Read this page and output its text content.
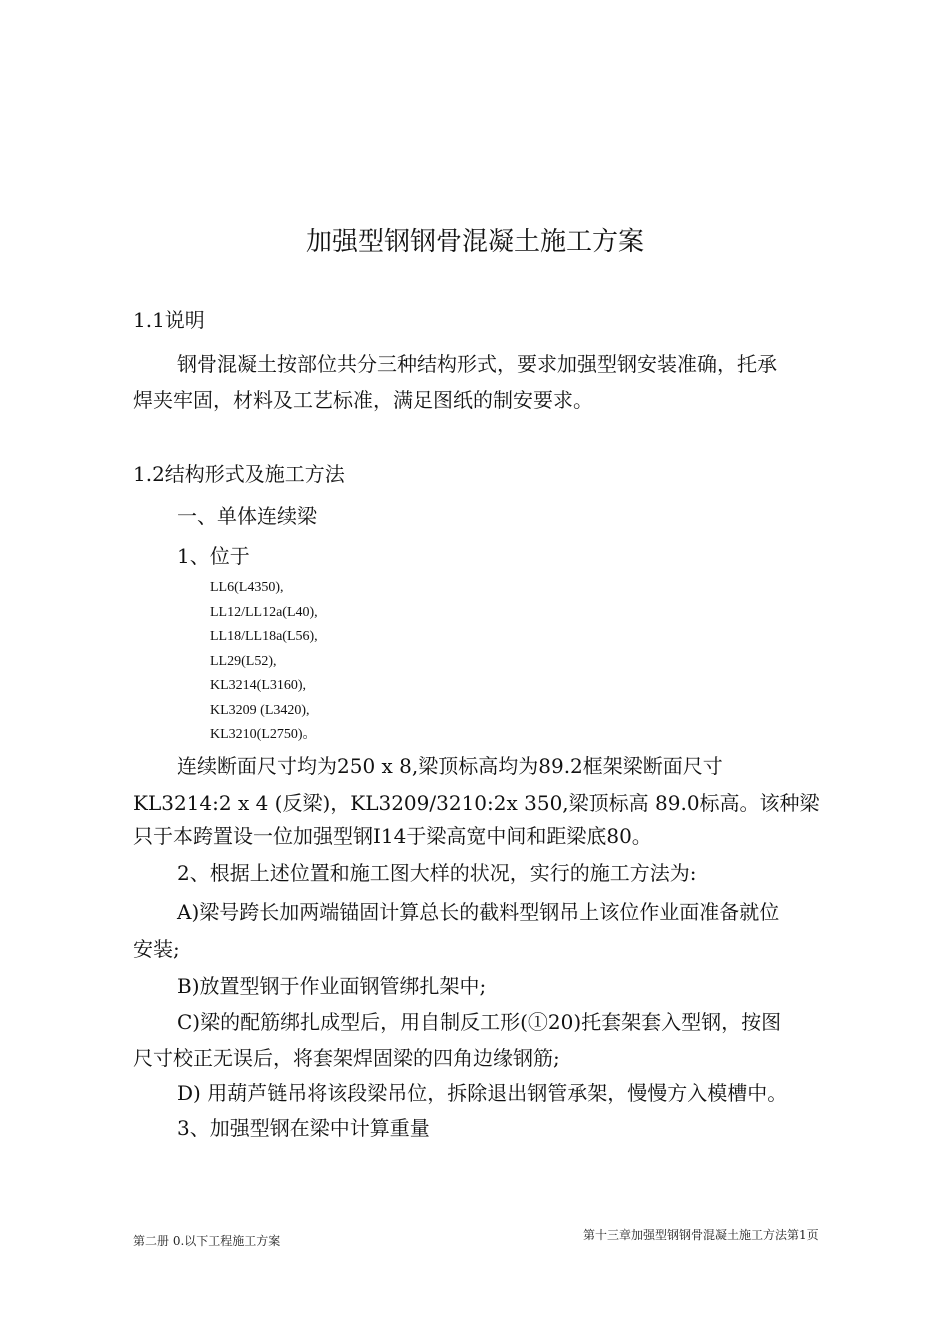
加强型钢钢骨混凝土施工方案
1.1说明
钢骨混凝土按部位共分三种结构形式，要求加强型钢安装准确，托承
焊夹牢固，材料及工艺标准，满足图纸的制安要求。
1.2结构形式及施工方法
一、单体连续梁
1、位于
LL6(L4350),
LL12/LL12a(L40),
LL18/LL18a(L56),
LL29(L52),
KL3214(L3160),
KL3209 (L3420),
KL3210(L2750)。
连续断面尺寸均为250 x 8,梁顶标高均为89.2框架梁断面尺寸
KL3214:2 x 4 (反梁)，KL3209/3210:2x 350,梁顶标高 89.0标高。该种梁
只于本跨置设一位加强型钢I14于梁高宽中间和距梁底80。
2、根据上述位置和施工图大样的状况，实行的施工方法为:
A)梁号跨长加两端锚固计算总长的截料型钢吊上该位作业面准备就位
安装;
B)放置型钢于作业面钢管绑扎架中;
C)梁的配筋绑扎成型后，用自制反工形(①20)托套架套入型钢，按图
尺寸校正无误后，将套架焊固梁的四角边缘钢筋;
D) 用葫芦链吊将该段梁吊位，拆除退出钢管承架，慢慢方入模槽中。
3、加强型钢在梁中计算重量
第二册 0.以下工程施工方案	第十三章加强型钢钢骨混凝土施工方法第1页
